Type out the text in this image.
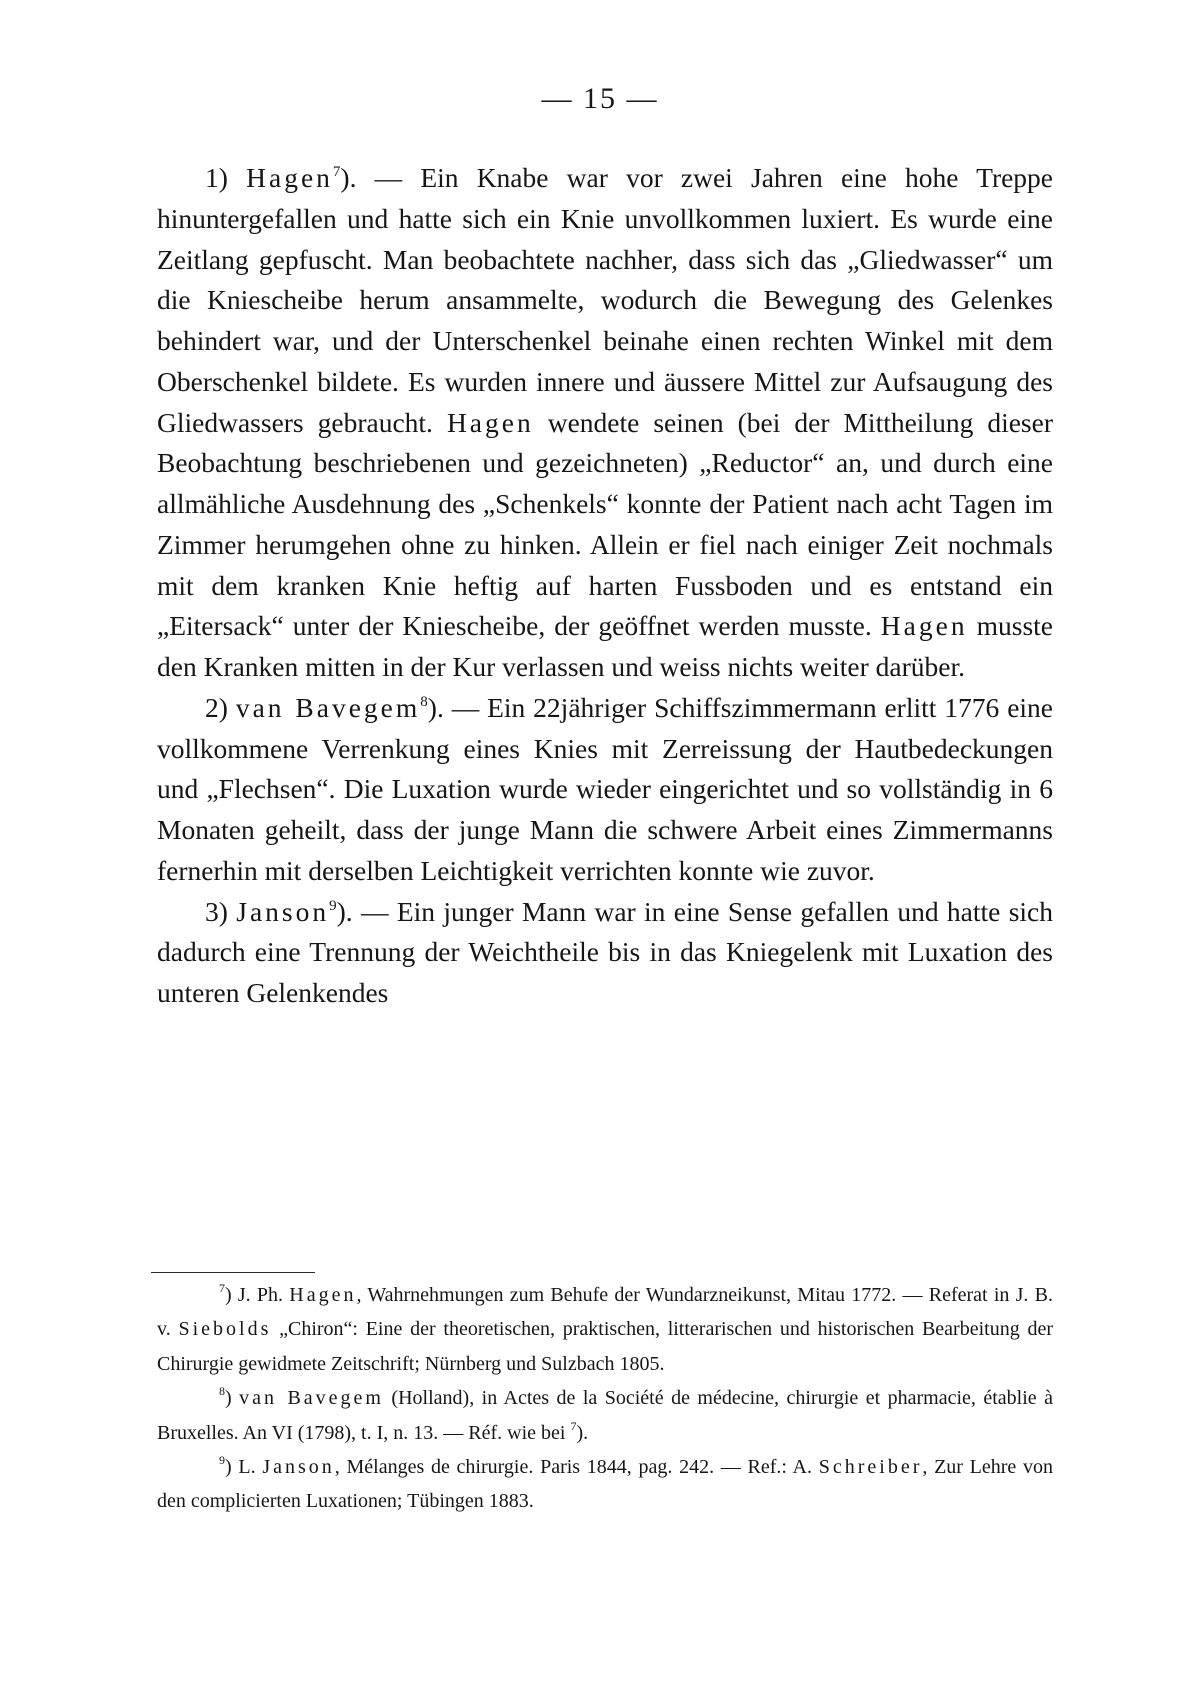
— 15 —

1) Hagen$^7$). — Ein Knabe war vor zwei Jahren eine hohe Treppe hinuntergefallen und hatte sich ein Knie unvollkommen luxiert. Es wurde eine Zeitlang gepfuscht. Man beobachtete nachher, dass sich das „Gliedwasser“ um die Kniescheibe herum ansammelte, wodurch die Bewegung des Gelenkes behindert war, und der Unterschenkel beinahe einen rechten Winkel mit dem Oberschenkel bildete. Es wurden innere und äussere Mittel zur Aufsaugung des Gliedwassers gebraucht. Hagen wendete seinen (bei der Mittheilung dieser Beobachtung beschriebenen und gezeichneten) „Reductor“ an, und durch eine allmähliche Ausdehnung des „Schenkels“ konnte der Patient nach acht Tagen im Zimmer herumgehen ohne zu hinken. Allein er fiel nach einiger Zeit nochmals mit dem kranken Knie heftig auf harten Fussboden und es entstand ein „Eitersack“ unter der Kniescheibe, der geöffnet werden musste. Hagen musste den Kranken mitten in der Kur verlassen und weiss nichts weiter darüber.

2) van Bavegem$^8$). — Ein 22jähriger Schiffszimmermann erlitt 1776 eine vollkommene Verrenkung eines Knies mit Zerreissung der Hautbedeckungen und „Flechsen“. Die Luxation wurde wieder eingerichtet und so vollständig in 6 Monaten geheilt, dass der junge Mann die schwere Arbeit eines Zimmermanns fernerhin mit derselben Leichtigkeit verrichten konnte wie zuvor.

3) Janson$^9$). — Ein junger Mann war in eine Sense gefallen und hatte sich dadurch eine Trennung der Weichtheile bis in das Kniegelenk mit Luxation des unteren Gelenkendes

$^7$) J. Ph. Hagen, Wahrnehmungen zum Behufe der Wundarzneikunst, Mitau 1772. — Referat in J. B. v. Siebolds „Chiron“: Eine der theoretischen, praktischen, litterarischen und historischen Bearbeitung der Chirurgie gewidmete Zeitschrift; Nürnberg und Sulzbach 1805.

$^8$) van Bavegem (Holland), in Actes de la Société de médecine, chirurgie et pharmacie, établie à Bruxelles. An VI (1798), t. I, n. 13. — Réf. wie bei $^7$).

$^9$) L. Janson, Mélanges de chirurgie. Paris 1844, pag. 242. — Ref.: A. Schreiber, Zur Lehre von den complicierten Luxationen; Tübingen 1883.
